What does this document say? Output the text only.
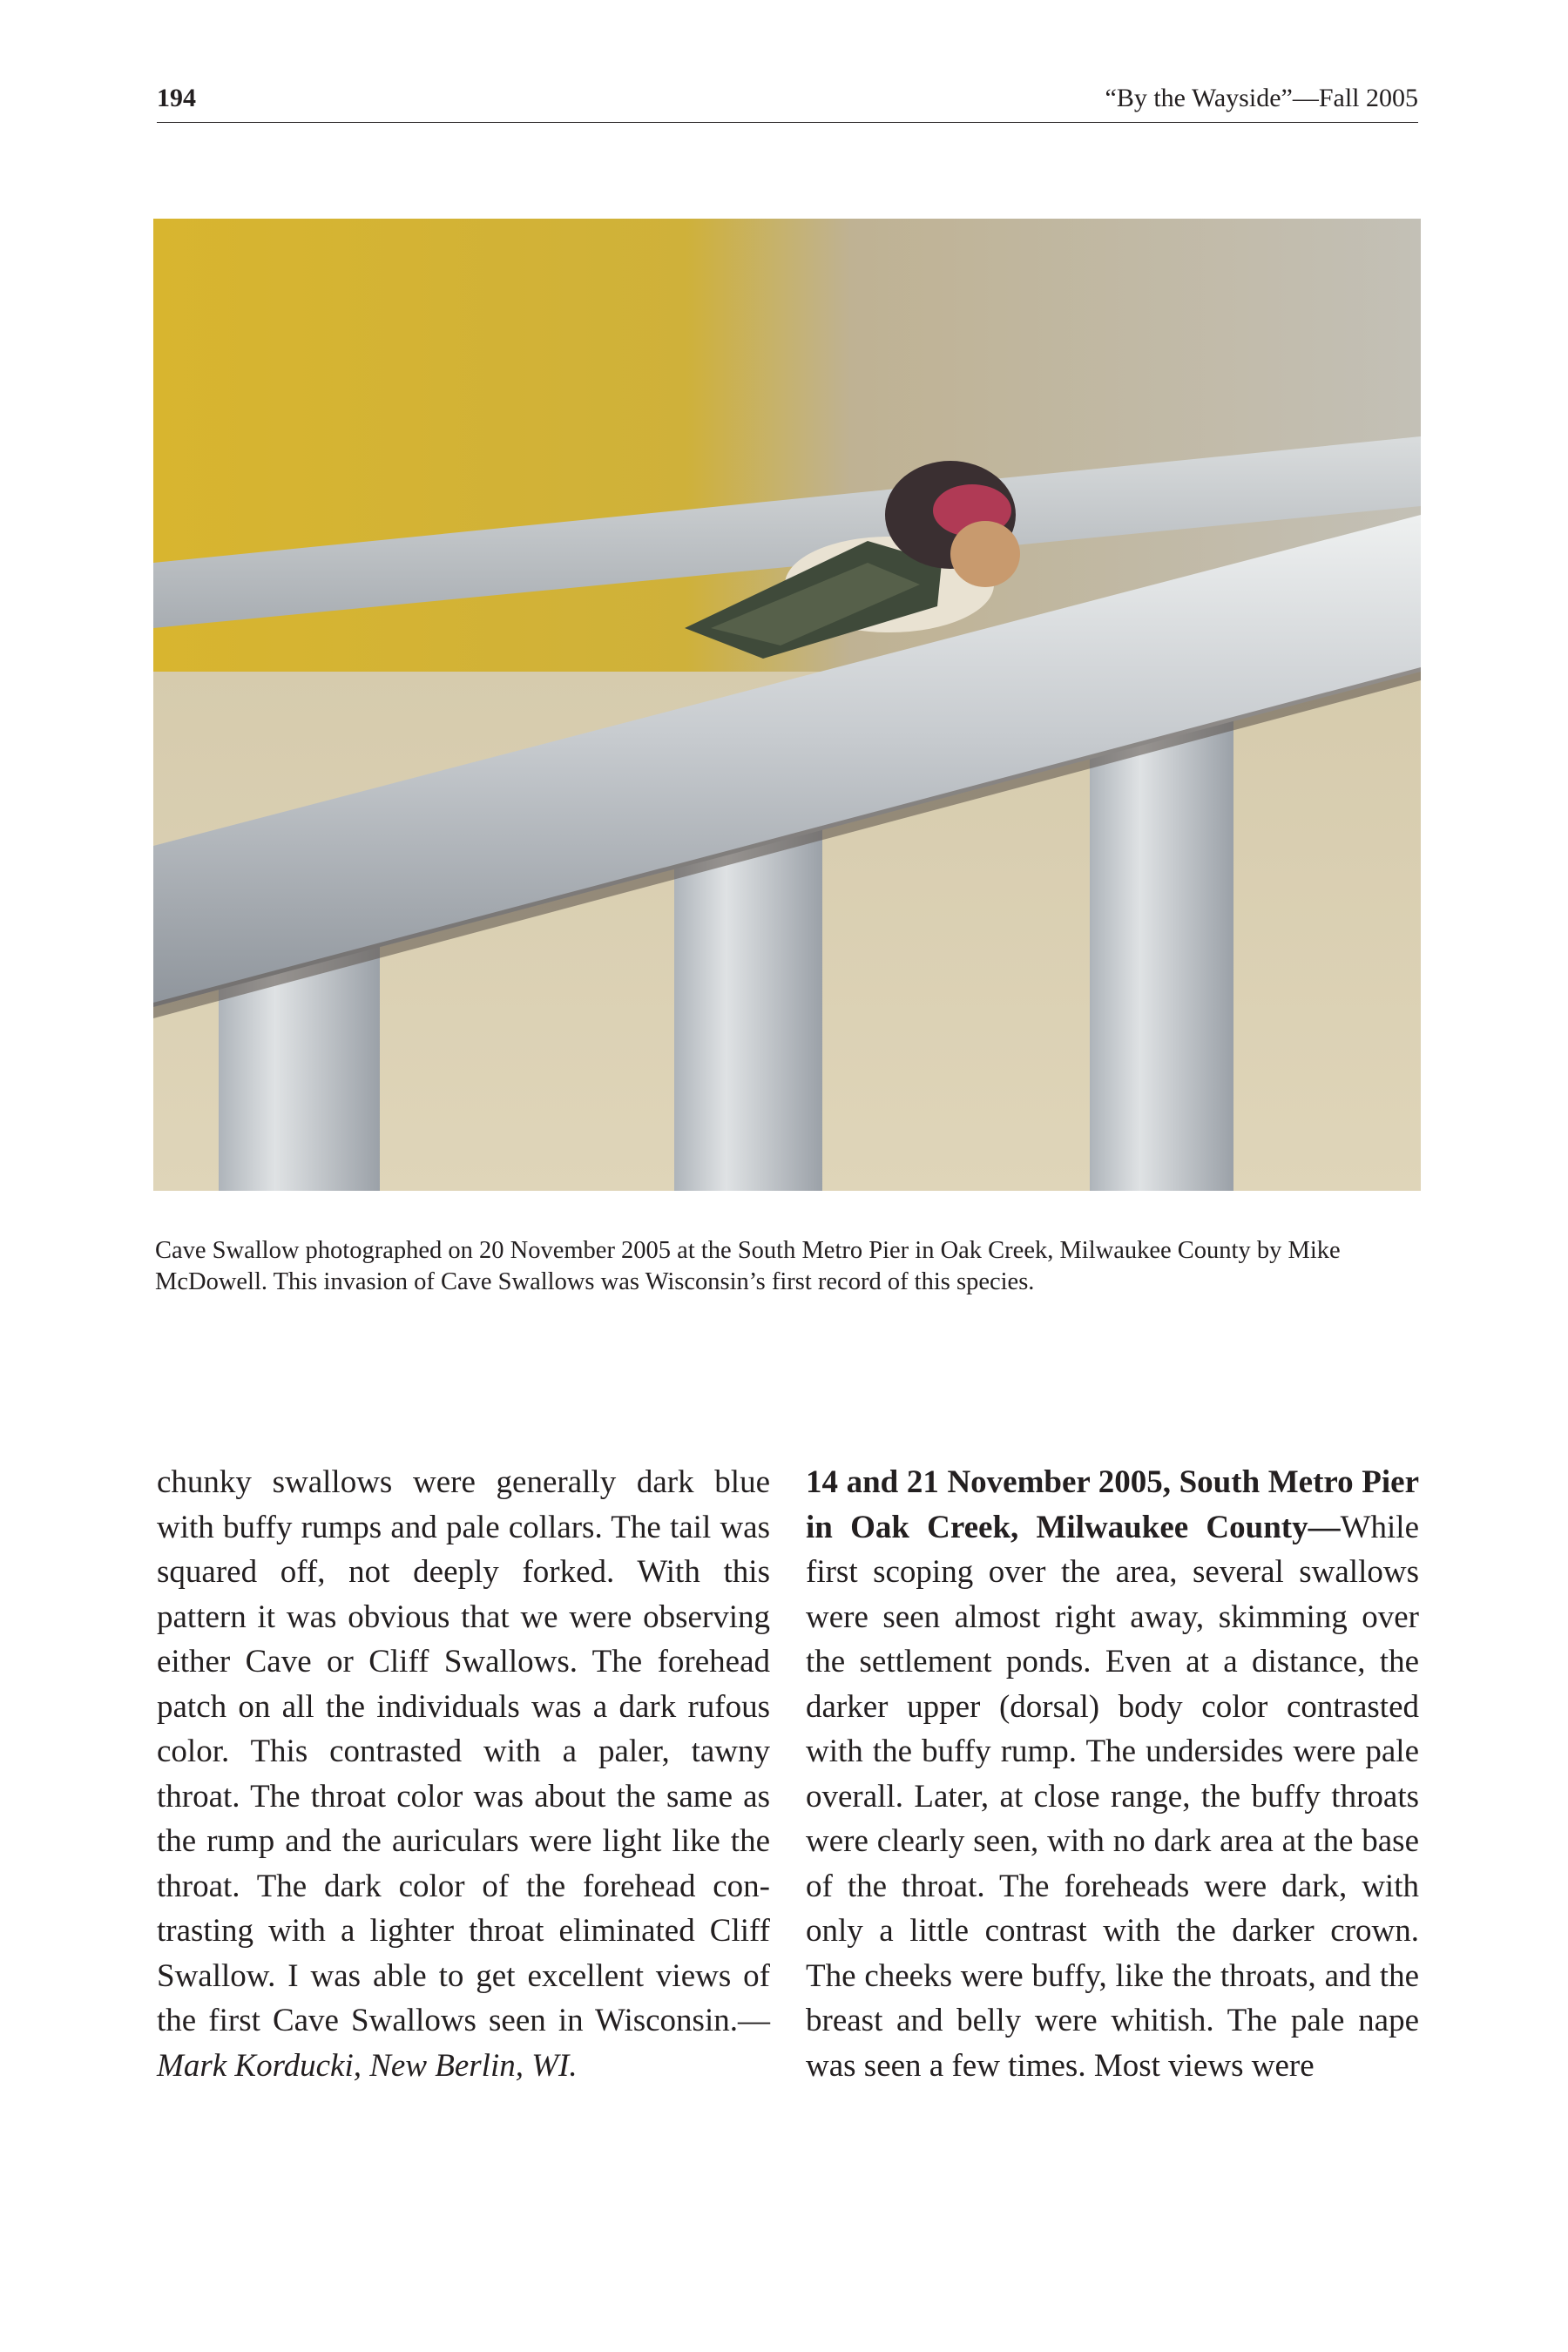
194	“By the Wayside”—Fall 2005
Cave Swallow photographed on 20 November 2005 at the South Metro Pier in Oak Creek, Milwaukee County by Mike McDowell. This invasion of Cave Swallows was Wisconsin’s first record of this species.

chunky swallows were generally dark blue with buffy rumps and pale collars. The tail was squared off, not deeply forked. With this pattern it was obvious that we were observing either Cave or Cliff Swallows. The forehead patch on all the individuals was a dark rufous color. This contrasted with a paler, tawny throat. The throat color was about the same as the rump and the auriculars were light like the throat. The dark color of the forehead contrasting with a lighter throat eliminated Cliff Swallow. I was able to get excellent views of the first Cave Swallows seen in Wisconsin.—Mark Korducki, New Berlin, WI.

14 and 21 November 2005, South Metro Pier in Oak Creek, Milwaukee County—While first scoping over the area, several swallows were seen almost right away, skimming over the settlement ponds. Even at a distance, the darker upper (dorsal) body color contrasted with the buffy rump. The undersides were pale overall. Later, at close range, the buffy throats were clearly seen, with no dark area at the base of the throat. The foreheads were dark, with only a little contrast with the darker crown. The cheeks were buffy, like the throats, and the breast and belly were whitish. The pale nape was seen a few times. Most views were
